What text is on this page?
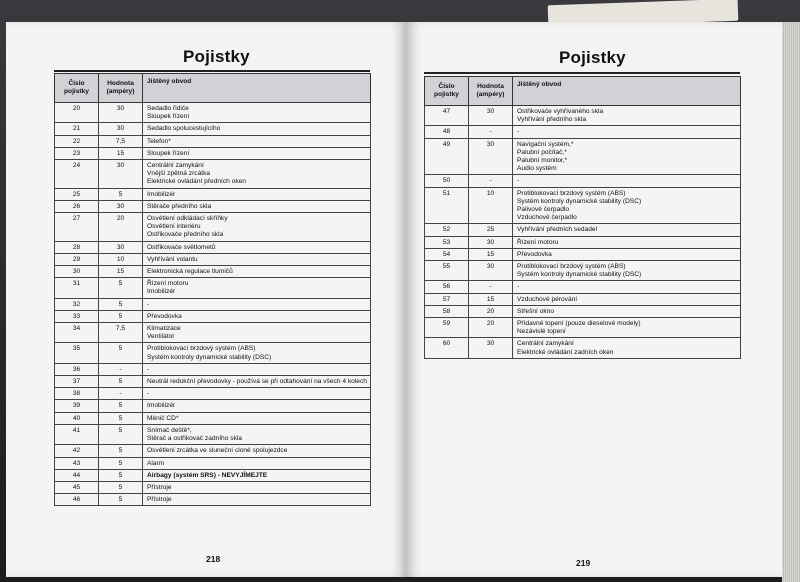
Pojistky
Číslo pojistky	Hodnota (ampéry)	Jištěný obvod
20	30	Sedadlo řidiče
Sloupek řízení

21	30	Sedadlo spolucestujícího

22	7,5	Telefon*

23	15	Sloupek řízení

24	30	Centrální zamykání
Vnější zpětná zrcátka
Elektrické ovládání předních oken

25	5	Imobilizér

26	30	Stěrače předního skla

27	20	Osvětlení odkládací skříňky
Osvětlení interiéru
Ostřikovače předního skla

28	30	Ostřikovače světlometů

29	10	Vyhřívání volantu

30	15	Elektronická regulace tlumičů

31	5	Řízení motoru
Imobilizér

32	5	-

33	5	Převodovka

34	7,5	Klimatizace
Ventilátor

35	5	Protiblokovací brzdový systém (ABS)
Systém kontroly dynamické stability (DSC)

36	-	-

37	5	Neutrál redukční převodovky - používá se při odtahování na všech 4 kolech

38	-	-

39	5	Imobilizér

40	5	Měnič CD*

41	5	Snímač deště*,
Stěrač a ostřikovač zadního skla

42	5	Osvětlení zrcátka ve sluneční cloně spolujezdce

43	5	Alarm

44	5	Airbagy (systém SRS) - NEVYJÍMEJTE

45	5	Přístroje

46	5	Přístroje
218
Pojistky
Číslo pojistky	Hodnota (ampéry)	Jištěný obvod
47	30	Ostřikovače vyhřívaného skla
Vyhřívání předního skla

48	-	-

49	30	Navigační systém,*
Palubní počítač,*
Palubní monitor,*
Audio systém

50	-	-

51	10	Protiblokovací brzdový systém (ABS)
Systém kontroly dynamické stability (DSC)
Palivové čerpadlo
Vzduchové čerpadlo

52	25	Vyhřívání předních sedadel

53	30	Řízení motoru

54	15	Převodovka

55	30	Protiblokovací brzdový systém (ABS)
Systém kontroly dynamické stability (DSC)

56	-	-

57	15	Vzduchové pérování

58	20	Střešní okno

59	20	Přídavné topení (pouze dieselové modely)
Nezávislé topení

60	30	Centrální zamykání
Elektrické ovládání zadních oken
219
